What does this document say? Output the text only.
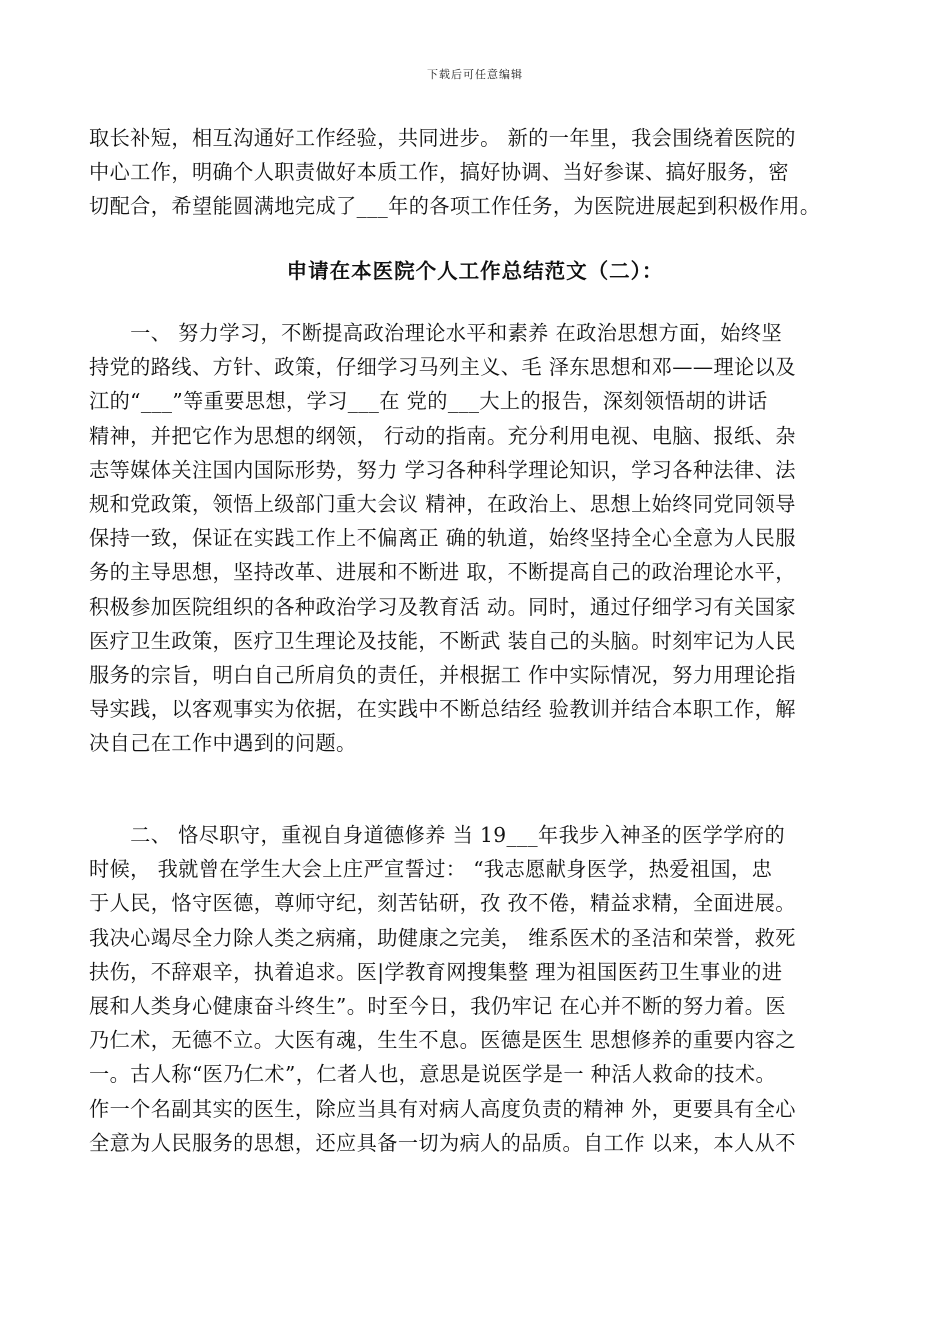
下载后可任意编辑
取长补短，相互沟通好工作经验，共同进步。 新的一年里，我会围绕着医院的
中心工作，明确个人职责做好本质工作，搞好协调、当好参谋、搞好服务，密
切配合，希望能圆满地完成了___年的各项工作任务，为医院进展起到积极作用。
申请在本医院个人工作总结范文（二）：
　　一、 努力学习，不断提高政治理论水平和素养 在政治思想方面，始终坚
持党的路线、方针、政策，仔细学习马列主义、毛 泽东思想和邓——理论以及
江的“___”等重要思想，学习___在 党的___大上的报告，深刻领悟胡的讲话
精神，并把它作为思想的纲领， 行动的指南。充分利用电视、电脑、报纸、杂
志等媒体关注国内国际形势，努力 学习各种科学理论知识，学习各种法律、法
规和党政策，领悟上级部门重大会议 精神，在政治上、思想上始终同党同领导
保持一致，保证在实践工作上不偏离正 确的轨道，始终坚持全心全意为人民服
务的主导思想，坚持改革、进展和不断进 取，不断提高自己的政治理论水平，
积极参加医院组织的各种政治学习及教育活 动。同时，通过仔细学习有关国家
医疗卫生政策，医疗卫生理论及技能，不断武 装自己的头脑。时刻牢记为人民
服务的宗旨，明白自己所肩负的责任，并根据工 作中实际情况，努力用理论指
导实践，以客观事实为依据，在实践中不断总结经 验教训并结合本职工作，解
决自己在工作中遇到的问题。
　　二、 恪尽职守，重视自身道德修养 当 19___年我步入神圣的医学学府的
时候， 我就曾在学生大会上庄严宣誓过： “我志愿献身医学，热爱祖国，忠
于人民，恪守医德，尊师守纪，刻苦钻研，孜 孜不倦，精益求精，全面进展。
我决心竭尽全力除人类之病痛，助健康之完美， 维系医术的圣洁和荣誉，救死
扶伤，不辞艰辛，执着追求。医|学教育网搜集整 理为祖国医药卫生事业的进
展和人类身心健康奋斗终生”。时至今日，我仍牢记 在心并不断的努力着。医
乃仁术，无德不立。大医有魂，生生不息。医德是医生 思想修养的重要内容之
一。古人称“医乃仁术”，仁者人也，意思是说医学是一 种活人救命的技术。
作一个名副其实的医生，除应当具有对病人高度负责的精神 外，更要具有全心
全意为人民服务的思想，还应具备一切为病人的品质。自工作 以来，本人从不
